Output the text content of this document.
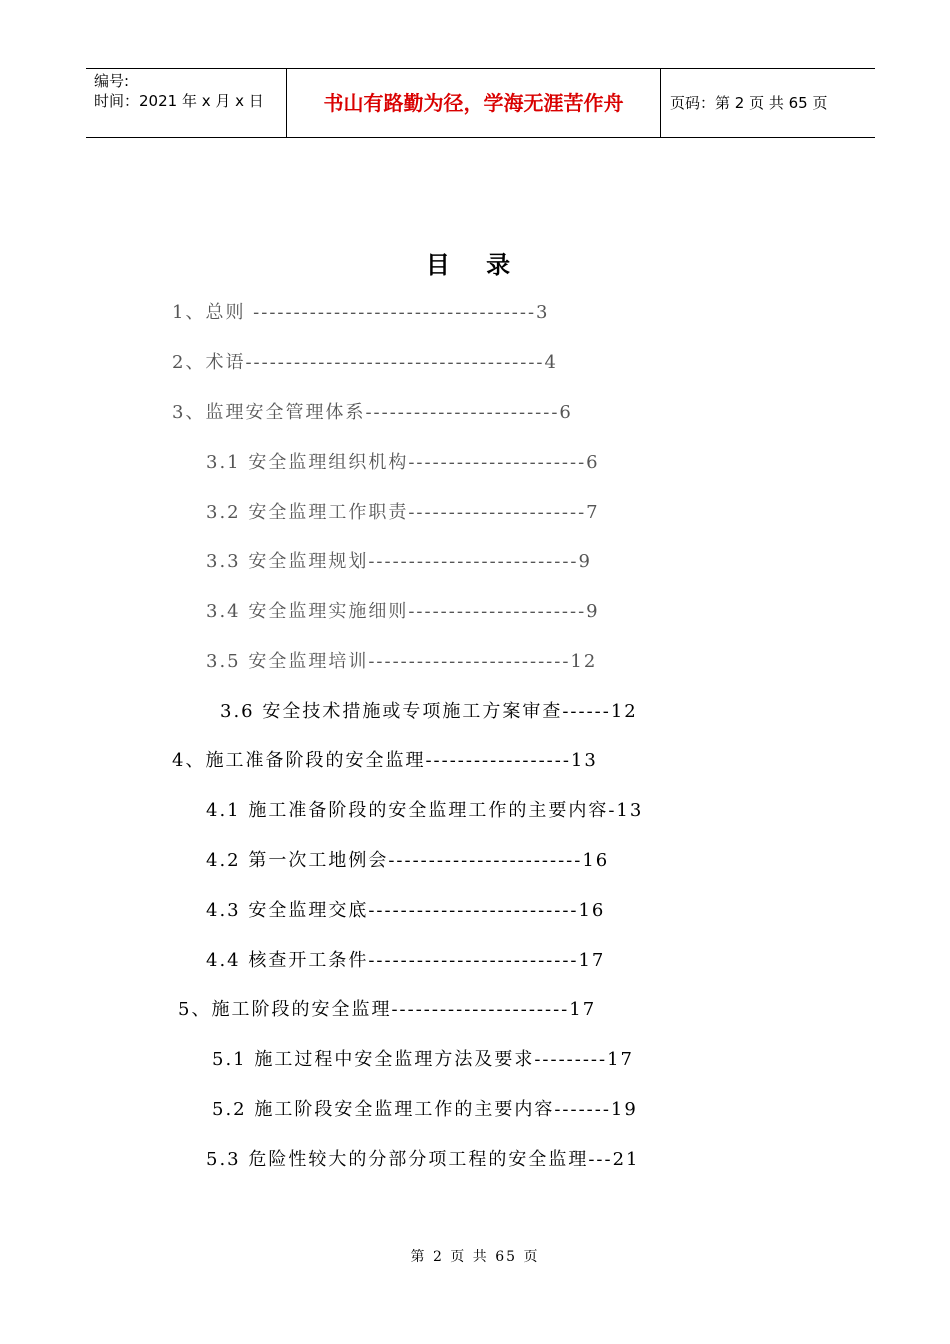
编号:
时间：2021 年 x 月 x 日	书山有路勤为径，学海无涯苦作舟	页码：第 2 页 共 65 页
目 录
1、总则 -----------------------------------3
2、术语-------------------------------------4
3、监理安全管理体系------------------------6
3.1 安全监理组织机构----------------------6
3.2 安全监理工作职责----------------------7
3.3 安全监理规划--------------------------9
3.4 安全监理实施细则----------------------9
3.5 安全监理培训-------------------------12
3.6 安全技术措施或专项施工方案审查------12
4、施工准备阶段的安全监理------------------13
4.1 施工准备阶段的安全监理工作的主要内容-13
4.2 第一次工地例会------------------------16
4.3 安全监理交底--------------------------16
4.4 核查开工条件--------------------------17
5、施工阶段的安全监理----------------------17
5.1 施工过程中安全监理方法及要求---------17
5.2 施工阶段安全监理工作的主要内容-------19
5.3 危险性较大的分部分项工程的安全监理---21
第 2 页 共 65 页
